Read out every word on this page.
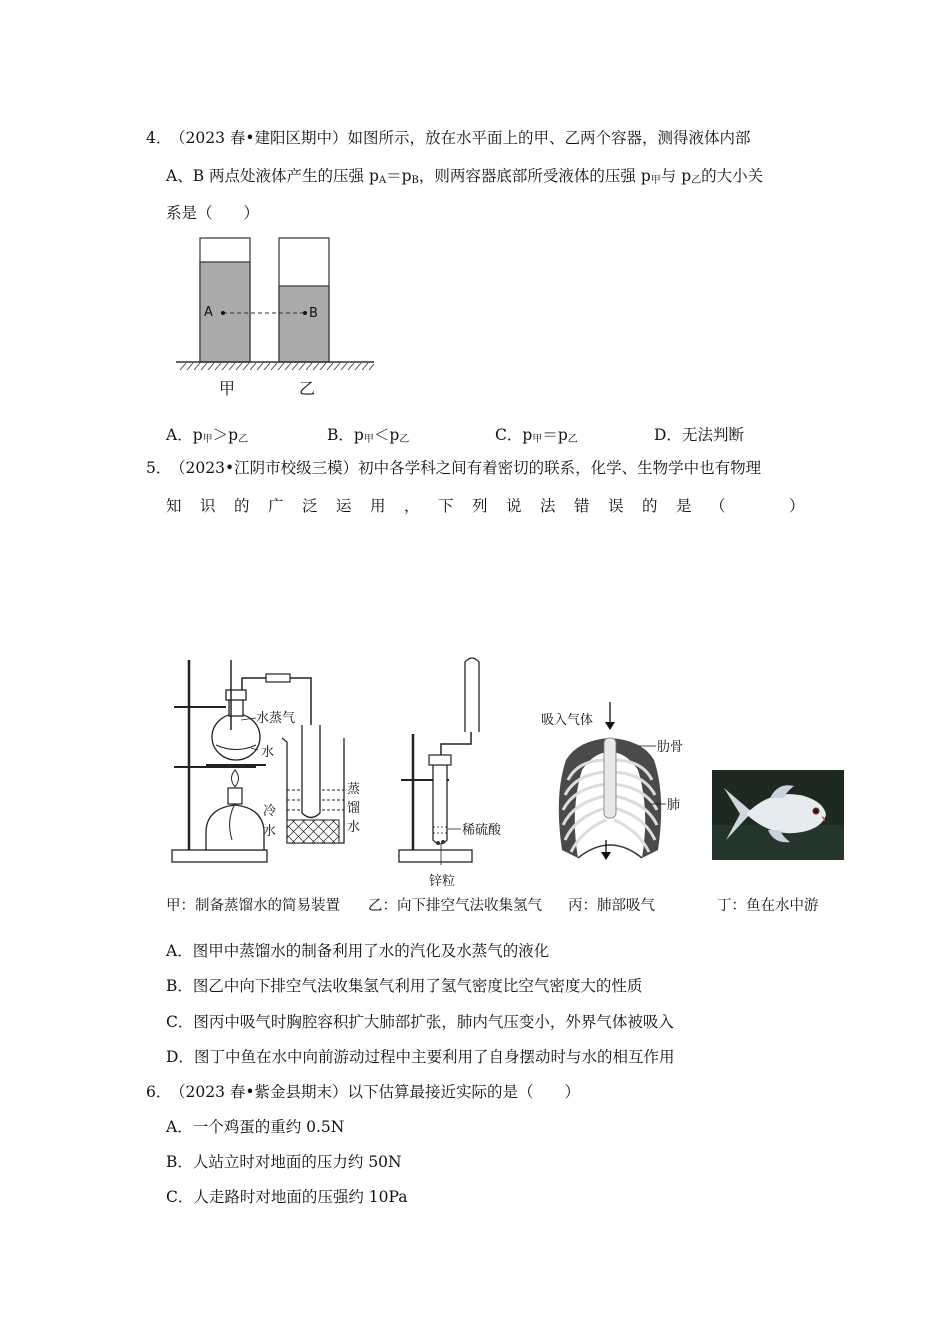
4．
（2023 春•建阳区期中）如图所示，放在水平面上的甲、乙两个容器，测得液体内部
A、B 两点处液体产生的压强 $p_A=p_B$，则两容器底部所受液体的压强 $p_甲$与 $p_乙$的大小关
系是（　　）
A	B
甲	乙
A．$p_甲>p_乙$	B．$p_甲<p_乙$	C．$p_甲=p_乙$	D．无法判断
5．
（2023•江阴市校级三模）初中各学科之间有着密切的联系，化学、生物学中也有物理
知识的广泛运用，下列说法错误的是（	）
水蒸气
水
冷
水
蒸
馏
水	稀硫酸
锌粒
吸入气体
肋骨
肺
甲：制备蒸馏水的简易装置 乙：向下排空气法收集氢气 丙：肺部吸气	丁：鱼在水中游
A．图甲中蒸馏水的制备利用了水的汽化及水蒸气的液化
B．图乙中向下排空气法收集氢气利用了氢气密度比空气密度大的性质
C．图丙中吸气时胸腔容积扩大肺部扩张，肺内气压变小，外界气体被吸入
D．图丁中鱼在水中向前游动过程中主要利用了自身摆动时与水的相互作用
6．
（2023 春•紫金县期末）以下估算最接近实际的是（　　）
A．一个鸡蛋的重约 0.5N
B．人站立时对地面的压力约 50N
C．人走路时对地面的压强约 10Pa
